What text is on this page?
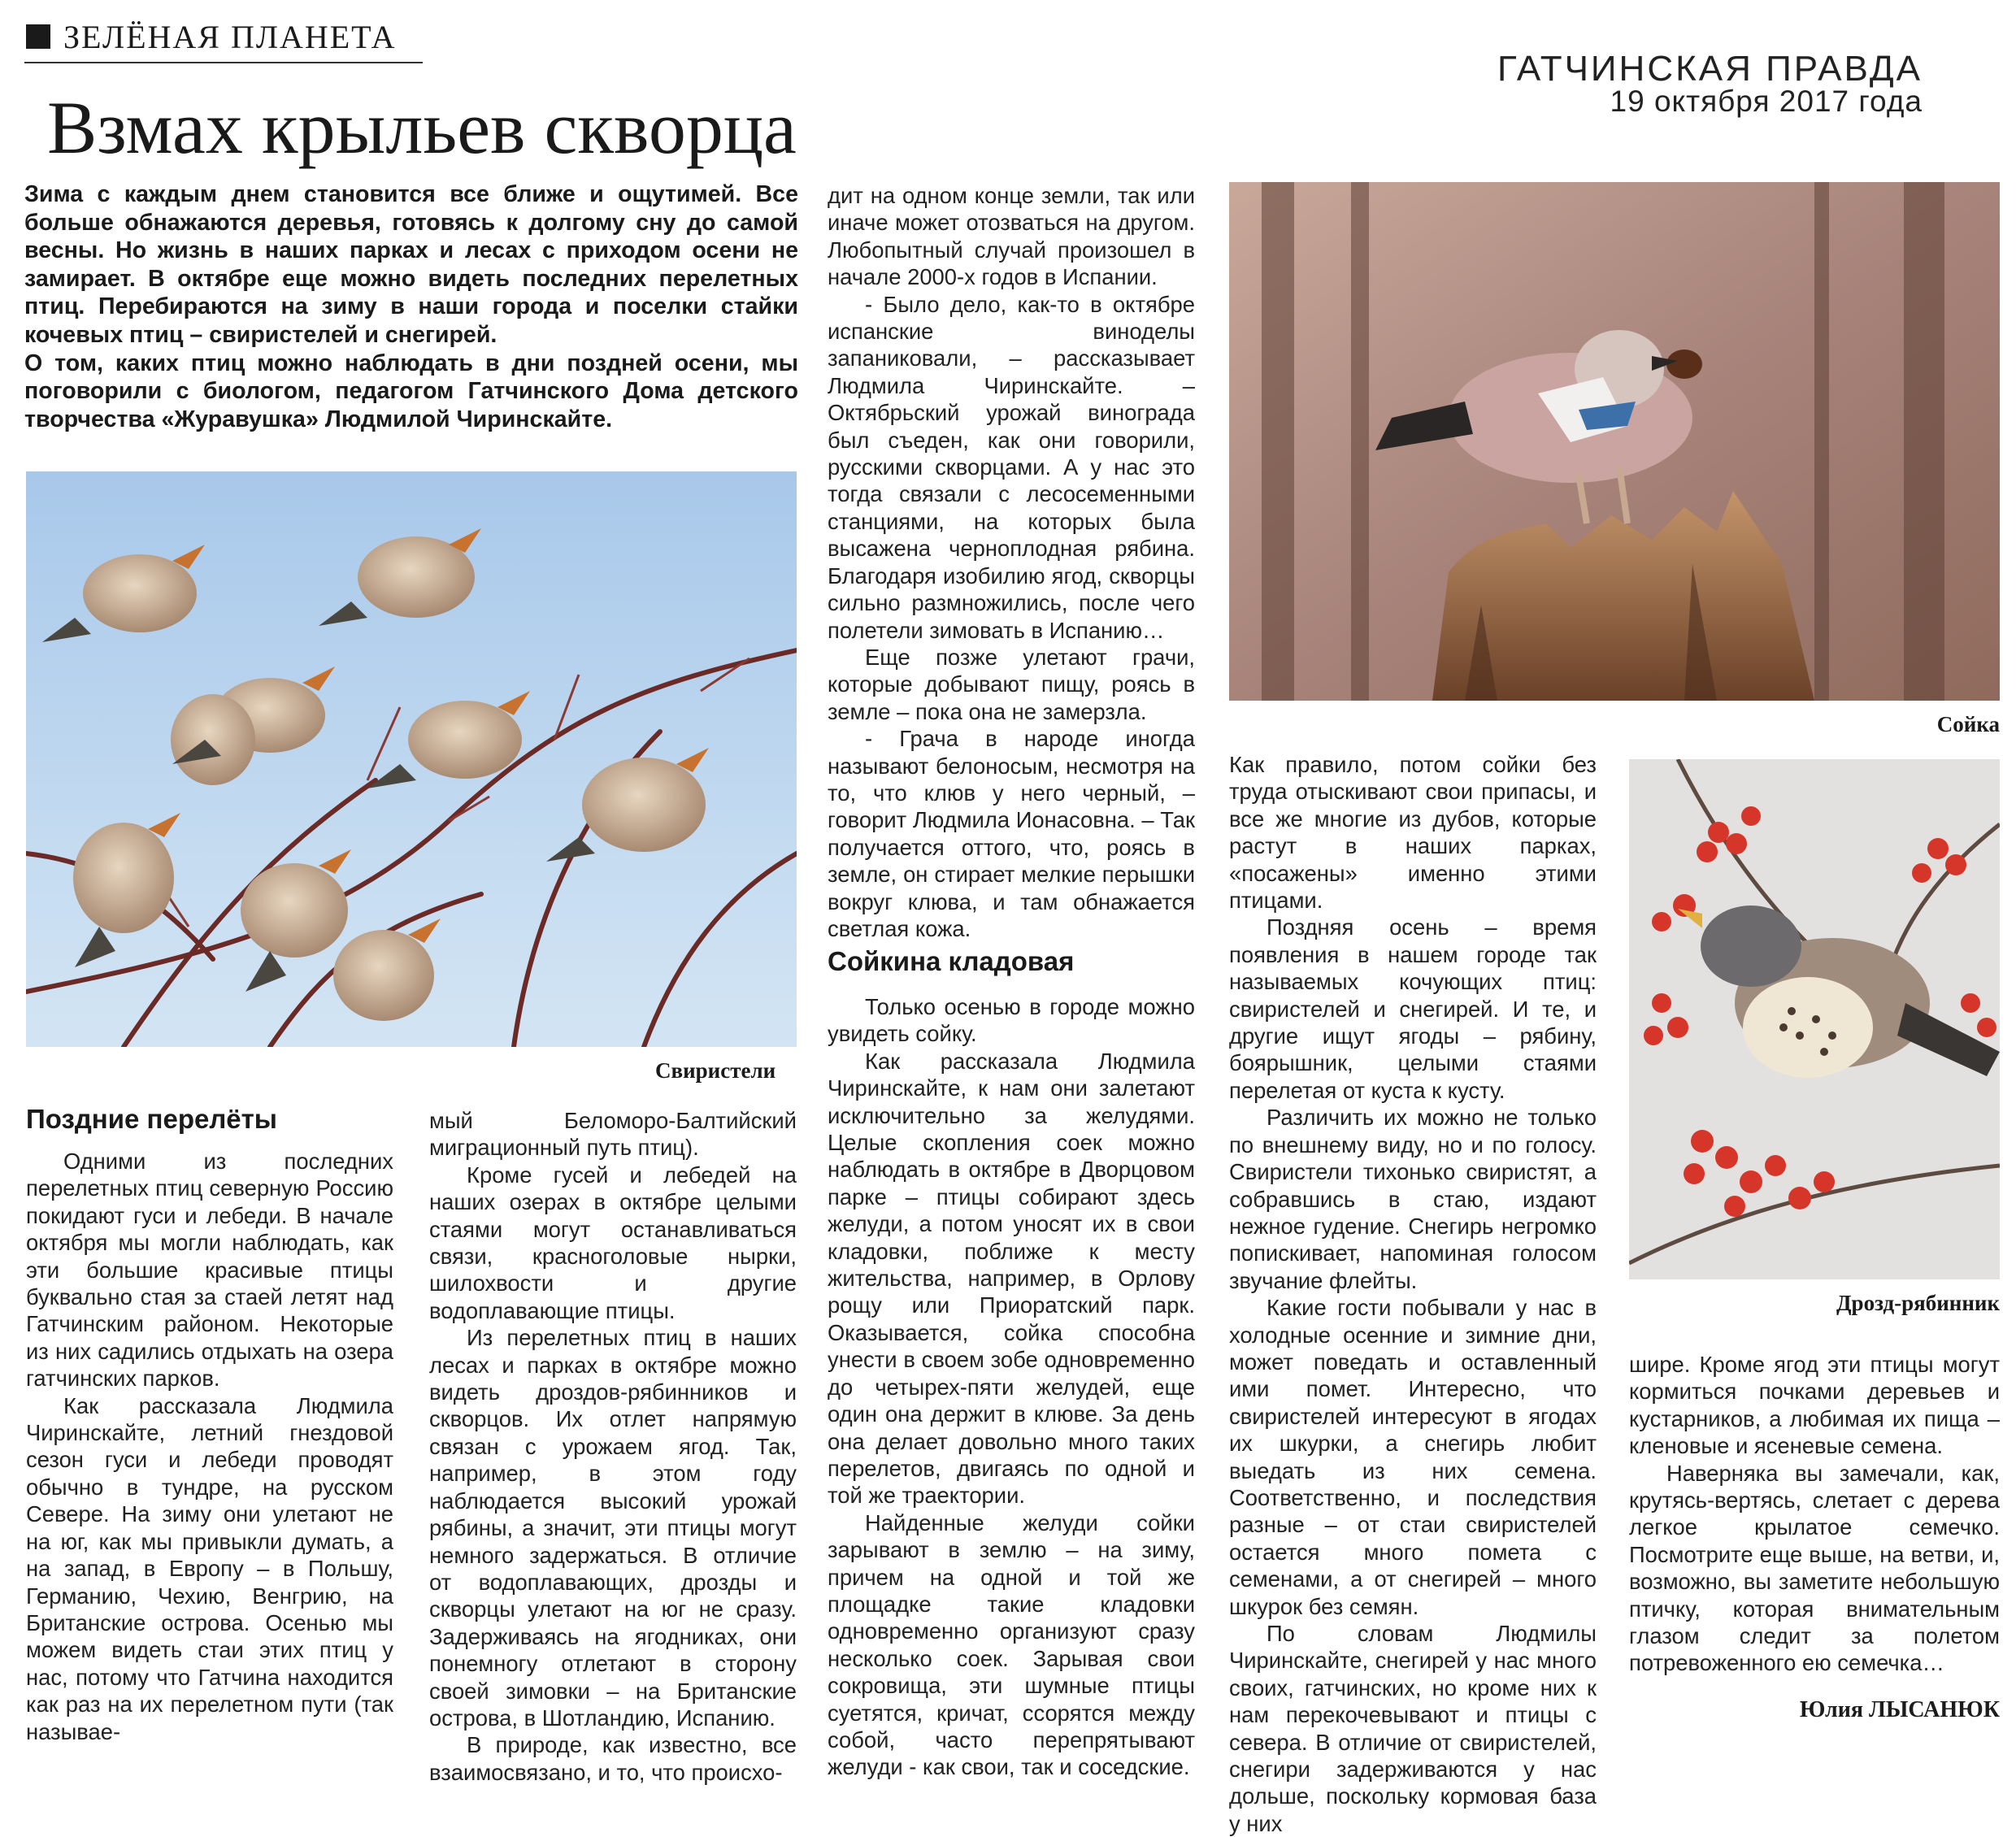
ЗЕЛЁНАЯ ПЛАНЕТА
ГАТЧИНСКАЯ ПРАВДА
19 октября 2017 года
Взмах крыльев скворца

Зима с каждым днем становится все ближе и ощутимей. Все больше обнажаются деревья, готовясь к долгому сну до самой весны. Но жизнь в наших парках и лесах с приходом осени не замирает. В октябре еще можно видеть последних перелетных птиц. Перебираются на зиму в наши города и поселки стайки кочевых птиц – свиристелей и снегирей.

О том, каких птиц можно наблюдать в дни поздней осени, мы поговорили с биологом, педагогом Гатчинского Дома детского творчества «Журавушка» Людмилой Чиринскайте.

Свиристели
Поздние перелёты

Одними из последних перелетных птиц северную Россию покидают гуси и лебеди. В начале октября мы могли наблюдать, как эти большие красивые птицы буквально стая за стаей летят над Гатчинским районом. Некоторые из них садились отдыхать на озера гатчинских парков.

Как рассказала Людмила Чиринскайте, летний гнездовой сезон гуси и лебеди проводят обычно в тундре, на русском Севере. На зиму они улетают не на юг, как мы привыкли думать, а на запад, в Европу – в Польшу, Германию, Чехию, Венгрию, на Британские острова. Осенью мы можем видеть стаи этих птиц у нас, потому что Гатчина находится как раз на их перелетном пути (так называе-

мый Беломоро-Балтийский миграционный путь птиц).

Кроме гусей и лебедей на наших озерах в октябре целыми стаями могут останавливаться связи, красноголовые нырки, шилохвости и другие водоплавающие птицы.

Из перелетных птиц в наших лесах и парках в октябре можно видеть дроздов-рябинников и скворцов. Их отлет напрямую связан с урожаем ягод. Так, например, в этом году наблюдается высокий урожай рябины, а значит, эти птицы могут немного задержаться. В отличие от водоплавающих, дрозды и скворцы улетают на юг не сразу. Задерживаясь на ягодниках, они понемногу отлетают в сторону своей зимовки – на Британские острова, в Шотландию, Испанию.

В природе, как известно, все взаимосвязано, и то, что происхо-

дит на одном конце земли, так или иначе может отозваться на другом. Любопытный случай произошел в начале 2000-х годов в Испании.

- Было дело, как-то в октябре испанские виноделы запаниковали, – рассказывает Людмила Чиринскайте. – Октябрьский урожай винограда был съеден, как они говорили, русскими скворцами. А у нас это тогда связали с лесосеменными станциями, на которых была высажена черноплодная рябина. Благодаря изобилию ягод, скворцы сильно размножились, после чего полетели зимовать в Испанию…

Еще позже улетают грачи, которые добывают пищу, роясь в земле – пока она не замерзла.

- Грача в народе иногда называют белоносым, несмотря на то, что клюв у него черный, – говорит Людмила Ионасовна. – Так получается оттого, что, роясь в земле, он стирает мелкие перышки вокруг клюва, и там обнажается светлая кожа.

Сойкина кладовая

Только осенью в городе можно увидеть сойку.

Как рассказала Людмила Чиринскайте, к нам они залетают исключительно за желудями. Целые скопления соек можно наблюдать в октябре в Дворцовом парке – птицы собирают здесь желуди, а потом уносят их в свои кладовки, поближе к месту жительства, например, в Орлову рощу или Приоратский парк. Оказывается, сойка способна унести в своем зобе одновременно до четырех-пяти желудей, еще один она держит в клюве. За день она делает довольно много таких перелетов, двигаясь по одной и той же траектории.

Найденные желуди сойки зарывают в землю – на зиму, причем на одной и той же площадке такие кладовки одновременно организуют сразу несколько соек. Зарывая свои сокровища, эти шумные птицы суетятся, кричат, ссорятся между собой, часто перепрятывают желуди - как свои, так и соседские.

Сойка

Как правило, потом сойки без труда отыскивают свои припасы, и все же многие из дубов, которые растут в наших парках, «посажены» именно этими птицами.

Поздняя осень – время появления в нашем городе так называемых кочующих птиц: свиристелей и снегирей. И те, и другие ищут ягоды – рябину, боярышник, целыми стаями перелетая от куста к кусту.

Различить их можно не только по внешнему виду, но и по голосу. Свиристели тихонько свиристят, а собравшись в стаю, издают нежное гудение. Снегирь негромко попискивает, напоминая голосом звучание флейты.

Какие гости побывали у нас в холодные осенние и зимние дни, может поведать и оставленный ими помет. Интересно, что свиристелей интересуют в ягодах их шкурки, а снегирь любит выедать из них семена. Соответственно, и последствия разные – от стаи свиристелей остается много помета с семенами, а от снегирей – много шкурок без семян.

По словам Людмилы Чиринскайте, снегирей у нас много своих, гатчинских, но кроме них к нам перекочевывают и птицы с севера. В отличие от свиристелей, снегири задерживаются у нас дольше, поскольку кормовая база у них

Дрозд-рябинник

шире. Кроме ягод эти птицы могут кормиться почками деревьев и кустарников, а любимая их пища – кленовые и ясеневые семена.

Наверняка вы замечали, как, крутясь-вертясь, слетает с дерева легкое крылатое семечко. Посмотрите еще выше, на ветви, и, возможно, вы заметите небольшую птичку, которая внимательным глазом следит за полетом потревоженного ею семечка…

Юлия ЛЫСАНЮК
